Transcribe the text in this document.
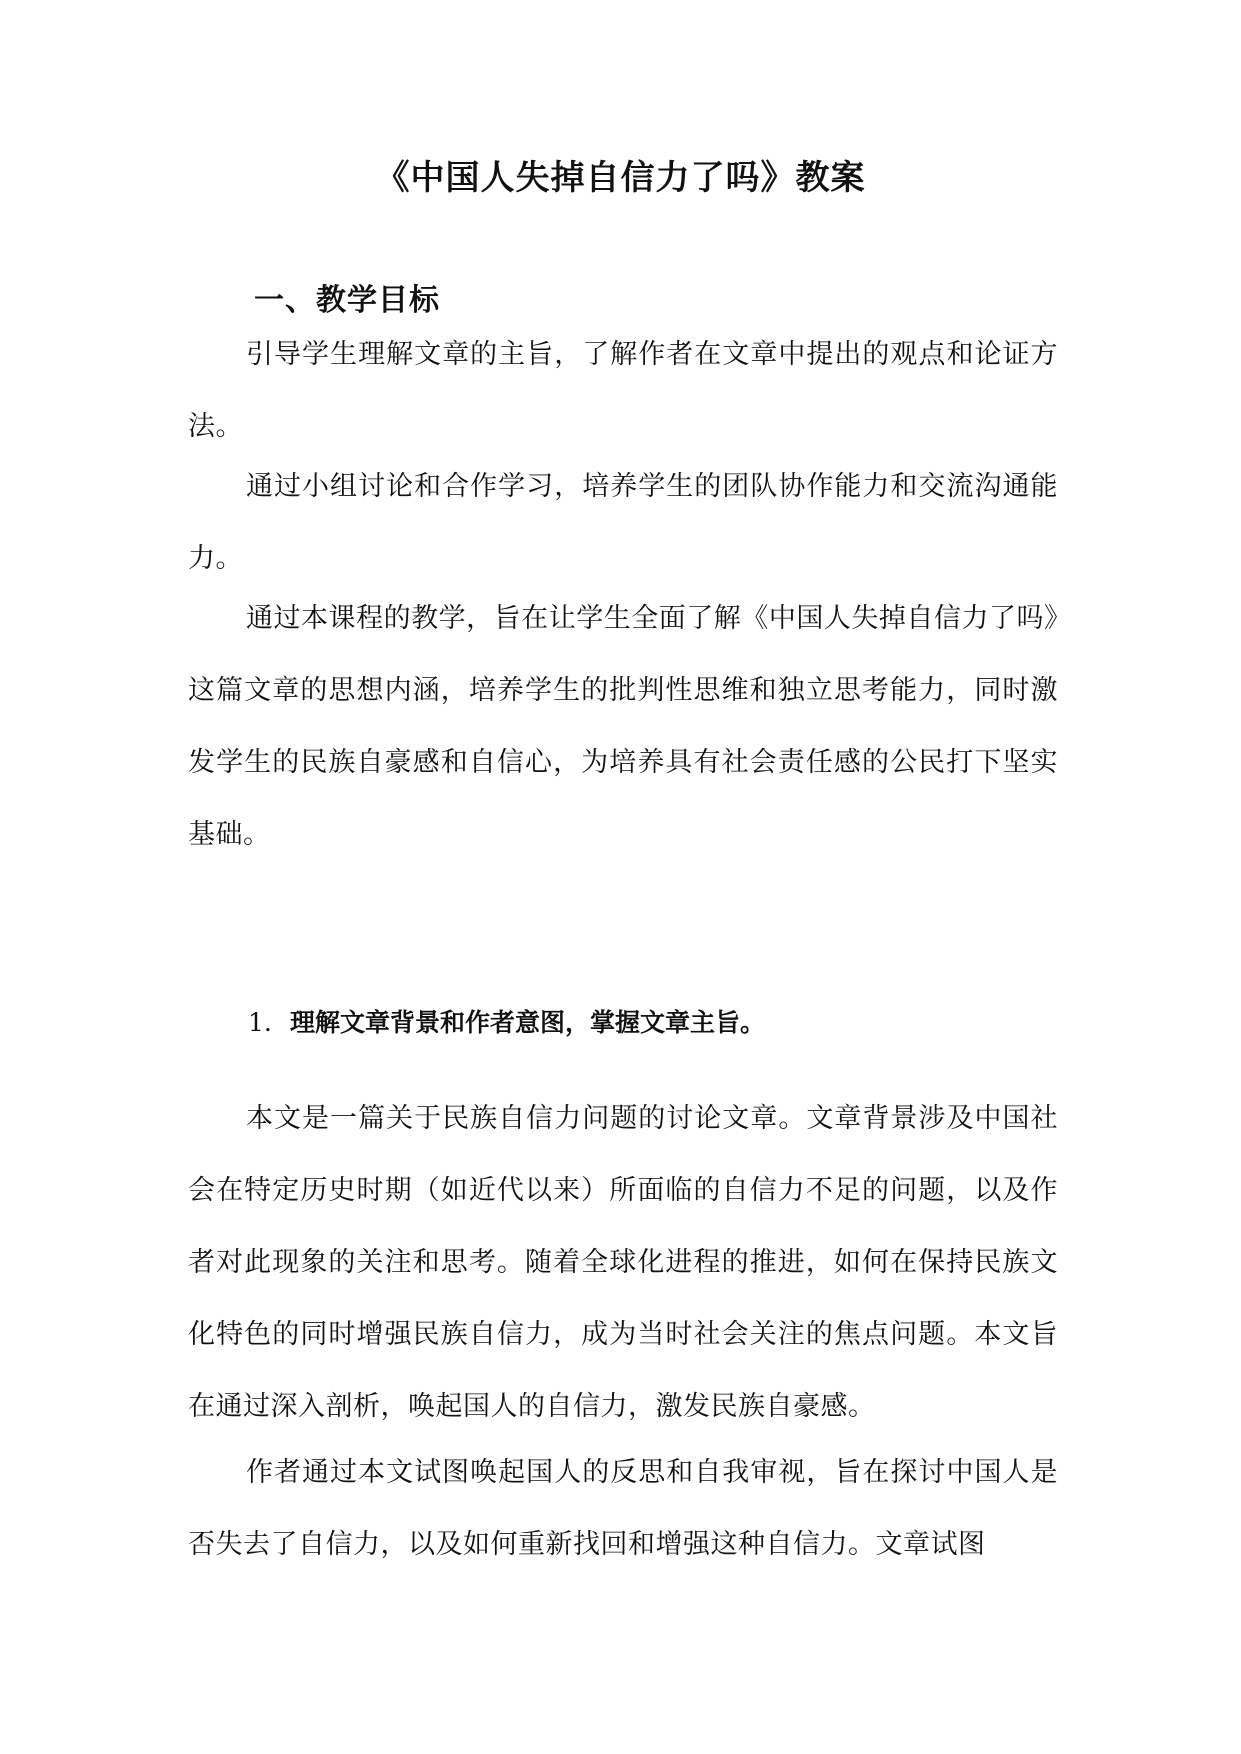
《中国人失掉自信力了吗》教案
一、教学目标

引导学生理解文章的主旨，了解作者在文章中提出的观点和论证方法。

通过小组讨论和合作学习，培养学生的团队协作能力和交流沟通能力。

通过本课程的教学，旨在让学生全面了解《中国人失掉自信力了吗》这篇文章的思想内涵，培养学生的批判性思维和独立思考能力，同时激发学生的民族自豪感和自信心，为培养具有社会责任感的公民打下坚实基础。

1. 理解文章背景和作者意图，掌握文章主旨。

本文是一篇关于民族自信力问题的讨论文章。文章背景涉及中国社会在特定历史时期（如近代以来）所面临的自信力不足的问题，以及作者对此现象的关注和思考。随着全球化进程的推进，如何在保持民族文化特色的同时增强民族自信力，成为当时社会关注的焦点问题。本文旨在通过深入剖析，唤起国人的自信力，激发民族自豪感。

作者通过本文试图唤起国人的反思和自我审视，旨在探讨中国人是否失去了自信力，以及如何重新找回和增强这种自信力。文章试图
